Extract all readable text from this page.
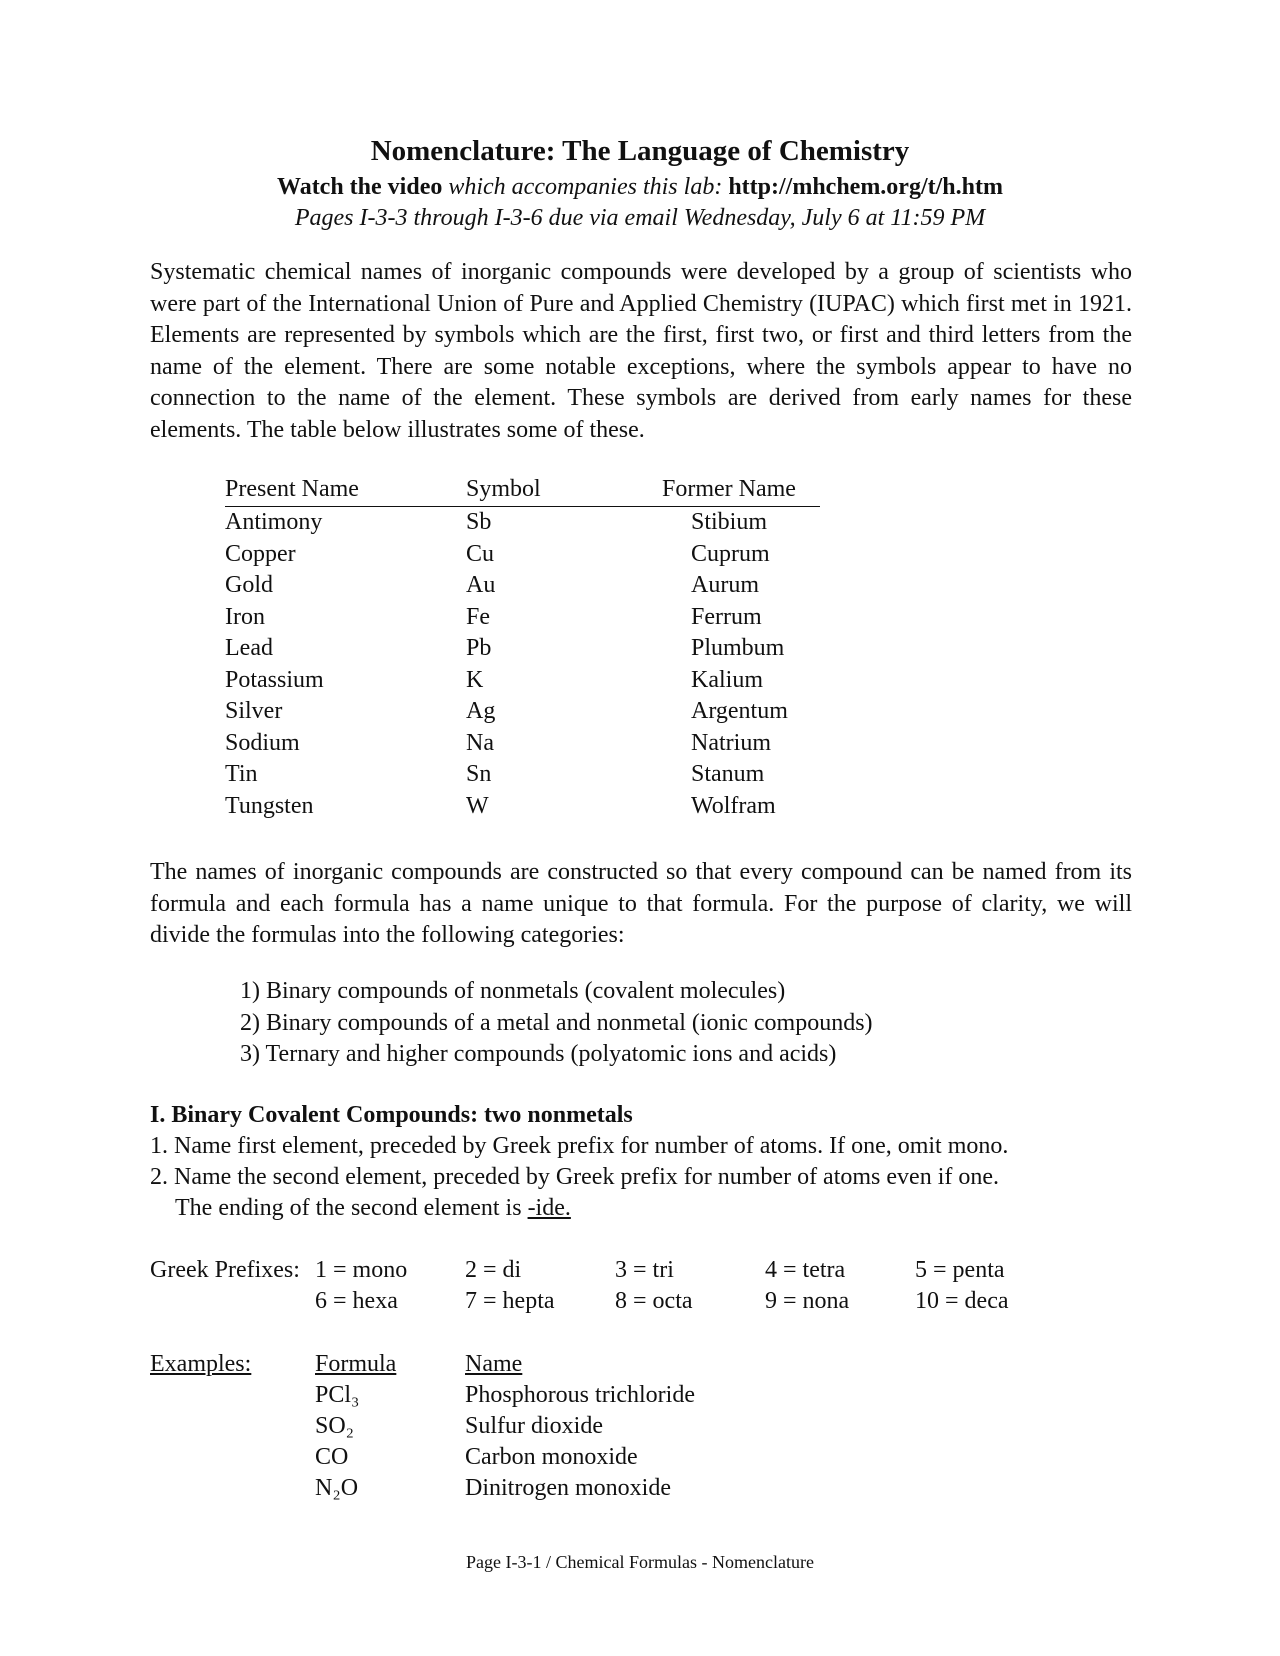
Nomenclature: The Language of Chemistry
Watch the video which accompanies this lab: http://mhchem.org/t/h.htm
Pages I-3-3 through I-3-6 due via email Wednesday, July 6 at 11:59 PM
Systematic chemical names of inorganic compounds were developed by a group of scientists who were part of the International Union of Pure and Applied Chemistry (IUPAC) which first met in 1921. Elements are represented by symbols which are the first, first two, or first and third letters from the name of the element. There are some notable exceptions, where the symbols appear to have no connection to the name of the element. These symbols are derived from early names for these elements. The table below illustrates some of these.
Present Name	Symbol	Former Name
Antimony	Sb	Stibium
Copper	Cu	Cuprum
Gold	Au	Aurum
Iron	Fe	Ferrum
Lead	Pb	Plumbum
Potassium	K	Kalium
Silver	Ag	Argentum
Sodium	Na	Natrium
Tin	Sn	Stanum
Tungsten	W	Wolfram
The names of inorganic compounds are constructed so that every compound can be named from its formula and each formula has a name unique to that formula. For the purpose of clarity, we will divide the formulas into the following categories:
1) Binary compounds of nonmetals (covalent molecules)
2) Binary compounds of a metal and nonmetal (ionic compounds)
3) Ternary and higher compounds (polyatomic ions and acids)
I. Binary Covalent Compounds: two nonmetals
1. Name first element, preceded by Greek prefix for number of atoms. If one, omit mono.
2. Name the second element, preceded by Greek prefix for number of atoms even if one.
The ending of the second element is -ide.
Greek Prefixes: 1 = mono 2 = di	3 = tri	4 = tetra	5 = penta
6 = hexa	7 = hepta	8 = octa	9 = nona	10 = deca
Examples:	Formula	Name
PCl₃	Phosphorous trichloride
SO₂	Sulfur dioxide
CO	Carbon monoxide
N₂O	Dinitrogen monoxide
Page I-3-1 / Chemical Formulas - Nomenclature
